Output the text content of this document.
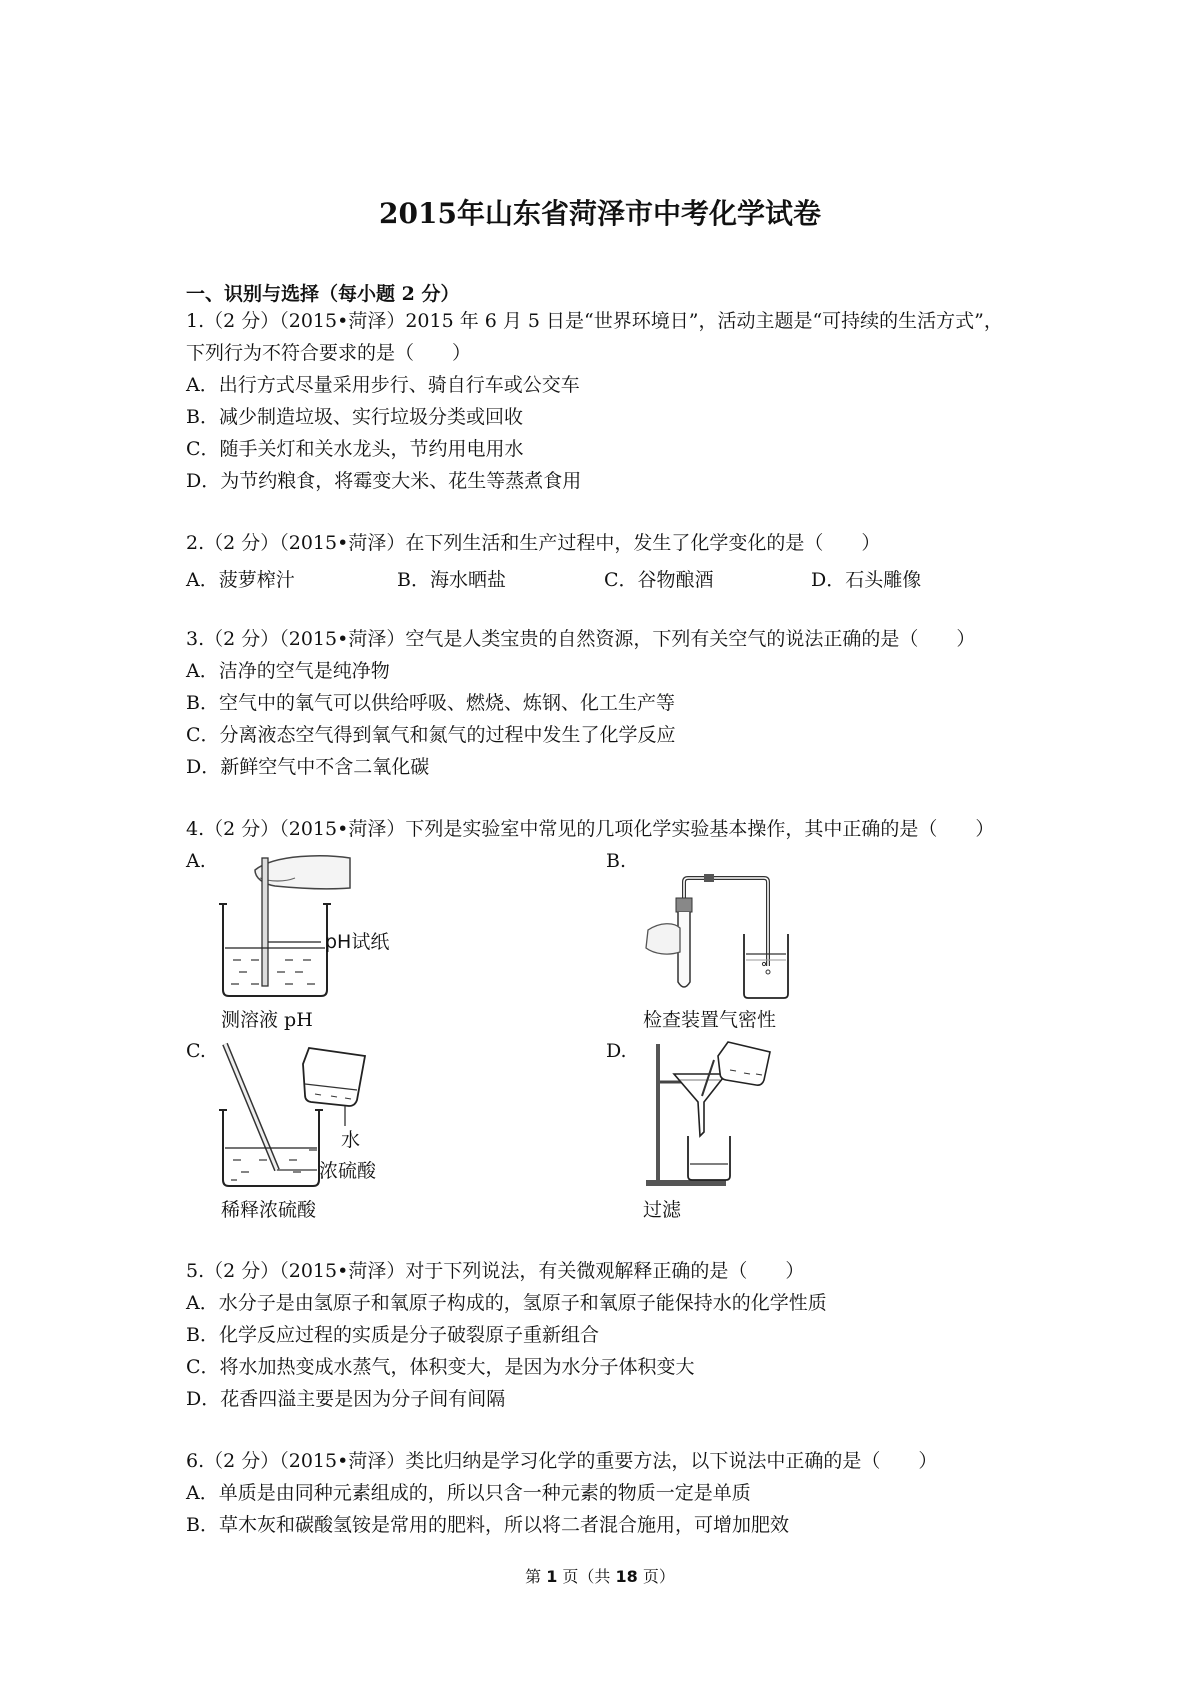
2015年山东省菏泽市中考化学试卷
一、识别与选择（每小题 2 分）
1.（2 分）（2015•菏泽）2015 年 6 月 5 日是“世界环境日”，活动主题是“可持续的生活方式”，
下列行为不符合要求的是（　　）
A．出行方式尽量采用步行、骑自行车或公交车
B．减少制造垃圾、实行垃圾分类或回收
C．随手关灯和关水龙头，节约用电用水
D．为节约粮食，将霉变大米、花生等蒸煮食用
2.（2 分）（2015•菏泽）在下列生活和生产过程中，发生了化学变化的是（　　）
A．菠萝榨汁	B．海水晒盐	C．谷物酿酒	D．石头雕像
3.（2 分）（2015•菏泽）空气是人类宝贵的自然资源，下列有关空气的说法正确的是（　　）
A．洁净的空气是纯净物
B．空气中的氧气可以供给呼吸、燃烧、炼钢、化工生产等
C．分离液态空气得到氧气和氮气的过程中发生了化学反应
D．新鲜空气中不含二氧化碳
4.（2 分）（2015•菏泽）下列是实验室中常见的几项化学实验基本操作，其中正确的是（　　）
A.	B.
pH试纸
测溶液 pH	检查装置气密性
C.	D.
水
浓硫酸
稀释浓硫酸	过滤
5.（2 分）（2015•菏泽）对于下列说法，有关微观解释正确的是（　　）
A．水分子是由氢原子和氧原子构成的，氢原子和氧原子能保持水的化学性质
B．化学反应过程的实质是分子破裂原子重新组合
C．将水加热变成水蒸气，体积变大，是因为水分子体积变大
D．花香四溢主要是因为分子间有间隔
6.（2 分）（2015•菏泽）类比归纳是学习化学的重要方法，以下说法中正确的是（　　）
A．单质是由同种元素组成的，所以只含一种元素的物质一定是单质
B．草木灰和碳酸氢铵是常用的肥料，所以将二者混合施用，可增加肥效
第 1 页（共 18 页）
